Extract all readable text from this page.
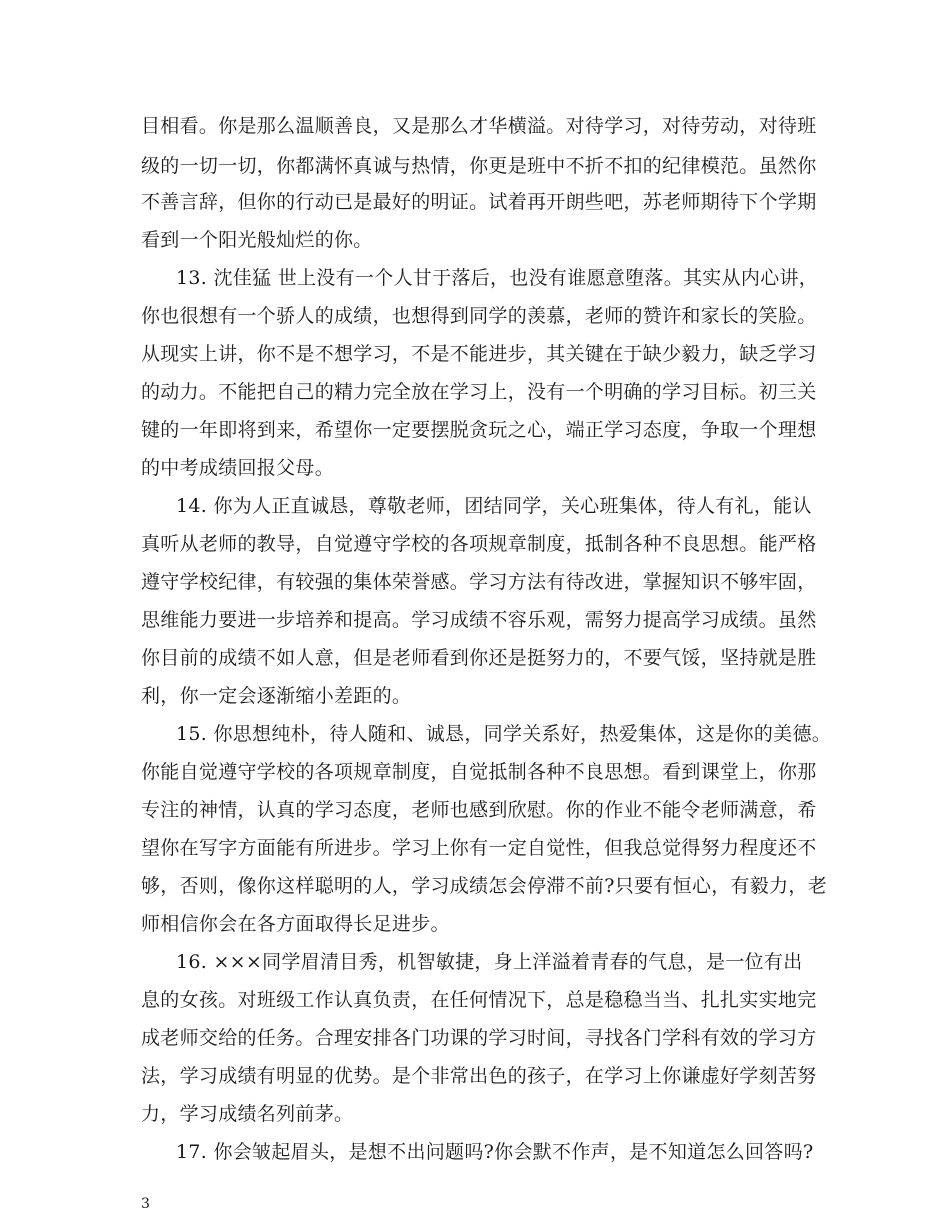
目相看。你是那么温顺善良，又是那么才华横溢。对待学习，对待劳动，对待班
级的一切一切，你都满怀真诚与热情，你更是班中不折不扣的纪律模范。虽然你
不善言辞，但你的行动已是最好的明证。试着再开朗些吧，苏老师期待下个学期
看到一个阳光般灿烂的你。
13. 沈佳猛 世上没有一个人甘于落后，也没有谁愿意堕落。其实从内心讲，
你也很想有一个骄人的成绩，也想得到同学的羡慕，老师的赞许和家长的笑脸。
从现实上讲，你不是不想学习，不是不能进步，其关键在于缺少毅力，缺乏学习
的动力。不能把自己的精力完全放在学习上，没有一个明确的学习目标。初三关
键的一年即将到来，希望你一定要摆脱贪玩之心，端正学习态度，争取一个理想
的中考成绩回报父母。
14. 你为人正直诚恳，尊敬老师，团结同学，关心班集体，待人有礼，能认
真听从老师的教导，自觉遵守学校的各项规章制度，抵制各种不良思想。能严格
遵守学校纪律，有较强的集体荣誉感。学习方法有待改进，掌握知识不够牢固，
思维能力要进一步培养和提高。学习成绩不容乐观，需努力提高学习成绩。虽然
你目前的成绩不如人意，但是老师看到你还是挺努力的，不要气馁，坚持就是胜
利，你一定会逐渐缩小差距的。
15. 你思想纯朴，待人随和、诚恳，同学关系好，热爱集体，这是你的美德。
你能自觉遵守学校的各项规章制度，自觉抵制各种不良思想。看到课堂上，你那
专注的神情，认真的学习态度，老师也感到欣慰。你的作业不能令老师满意，希
望你在写字方面能有所进步。学习上你有一定自觉性，但我总觉得努力程度还不
够，否则，像你这样聪明的人，学习成绩怎会停滞不前?只要有恒心，有毅力，老
师相信你会在各方面取得长足进步。
16. ×××同学眉清目秀，机智敏捷，身上洋溢着青春的气息，是一位有出
息的女孩。对班级工作认真负责，在任何情况下，总是稳稳当当、扎扎实实地完
成老师交给的任务。合理安排各门功课的学习时间，寻找各门学科有效的学习方
法，学习成绩有明显的优势。是个非常出色的孩子，在学习上你谦虚好学刻苦努
力，学习成绩名列前茅。
17. 你会皱起眉头，是想不出问题吗?你会默不作声，是不知道怎么回答吗?
3
